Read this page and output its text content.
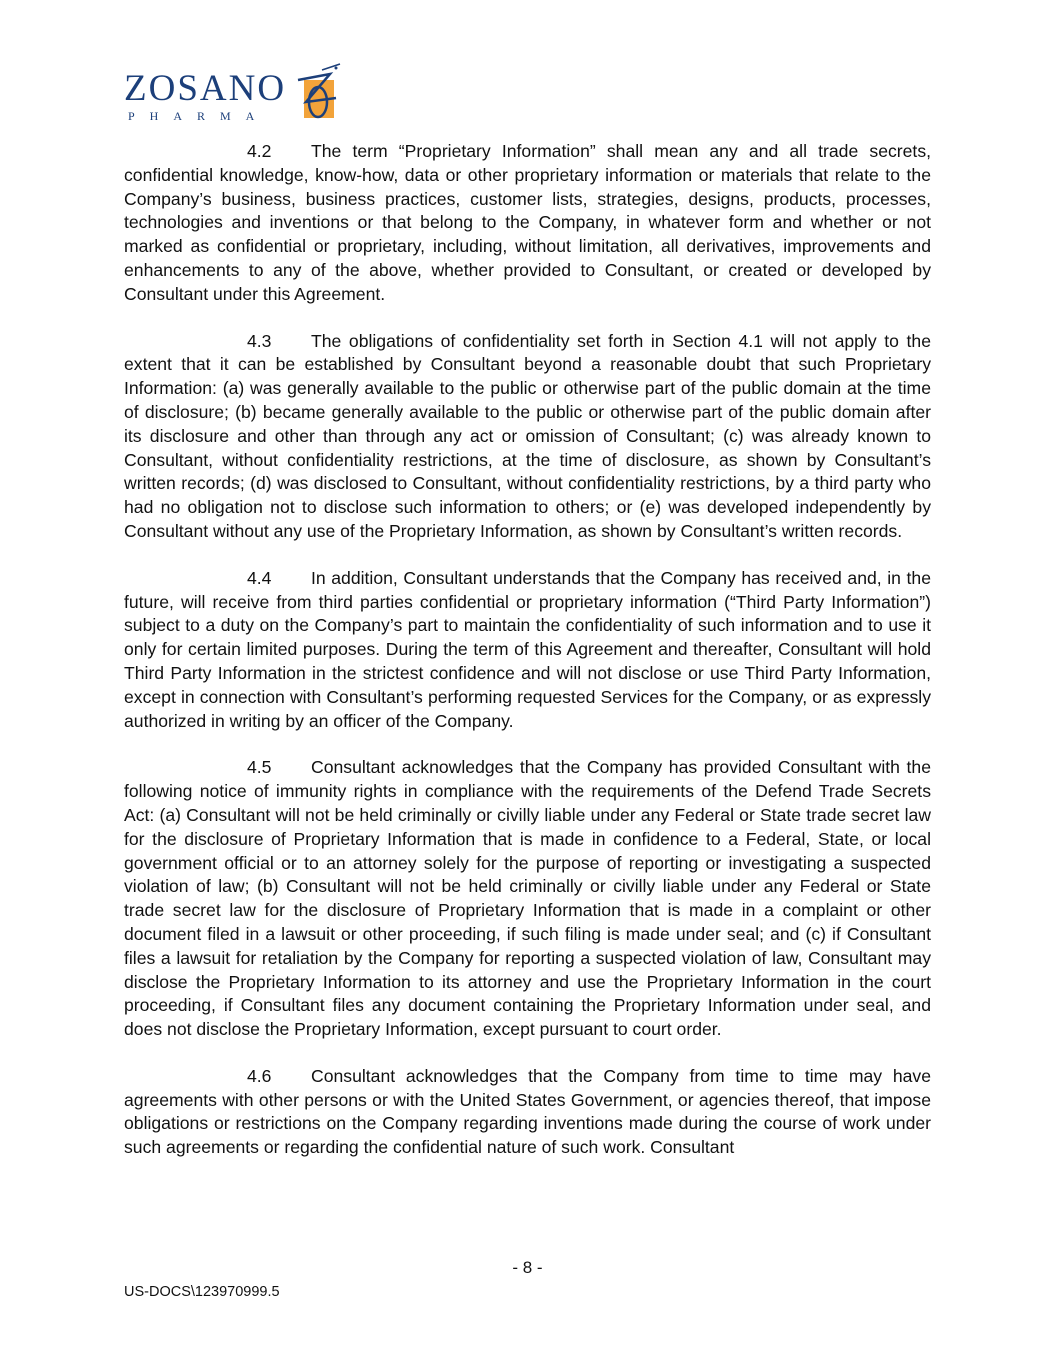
ZOSANO
PHARMA

4.2 The term “Proprietary Information” shall mean any and all trade secrets, confidential knowledge, know-how, data or other proprietary information or materials that relate to the Company’s business, business practices, customer lists, strategies, designs, products, processes, technologies and inventions or that belong to the Company, in whatever form and whether or not marked as confidential or proprietary, including, without limitation, all derivatives, improvements and enhancements to any of the above, whether provided to Consultant, or created or developed by Consultant under this Agreement.

4.3 The obligations of confidentiality set forth in Section 4.1 will not apply to the extent that it can be established by Consultant beyond a reasonable doubt that such Proprietary Information: (a) was generally available to the public or otherwise part of the public domain at the time of disclosure; (b) became generally available to the public or otherwise part of the public domain after its disclosure and other than through any act or omission of Consultant; (c) was already known to Consultant, without confidentiality restrictions, at the time of disclosure, as shown by Consultant’s written records; (d) was disclosed to Consultant, without confidentiality restrictions, by a third party who had no obligation not to disclose such information to others; or (e) was developed independently by Consultant without any use of the Proprietary Information, as shown by Consultant’s written records.

4.4 In addition, Consultant understands that the Company has received and, in the future, will receive from third parties confidential or proprietary information (“Third Party Information”) subject to a duty on the Company’s part to maintain the confidentiality of such information and to use it only for certain limited purposes. During the term of this Agreement and thereafter, Consultant will hold Third Party Information in the strictest confidence and will not disclose or use Third Party Information, except in connection with Consultant’s performing requested Services for the Company, or as expressly authorized in writing by an officer of the Company.

4.5 Consultant acknowledges that the Company has provided Consultant with the following notice of immunity rights in compliance with the requirements of the Defend Trade Secrets Act: (a) Consultant will not be held criminally or civilly liable under any Federal or State trade secret law for the disclosure of Proprietary Information that is made in confidence to a Federal, State, or local government official or to an attorney solely for the purpose of reporting or investigating a suspected violation of law; (b) Consultant will not be held criminally or civilly liable under any Federal or State trade secret law for the disclosure of Proprietary Information that is made in a complaint or other document filed in a lawsuit or other proceeding, if such filing is made under seal; and (c) if Consultant files a lawsuit for retaliation by the Company for reporting a suspected violation of law, Consultant may disclose the Proprietary Information to its attorney and use the Proprietary Information in the court proceeding, if Consultant files any document containing the Proprietary Information under seal, and does not disclose the Proprietary Information, except pursuant to court order.

4.6 Consultant acknowledges that the Company from time to time may have agreements with other persons or with the United States Government, or agencies thereof, that impose obligations or restrictions on the Company regarding inventions made during the course of work under such agreements or regarding the confidential nature of such work. Consultant

- 8 -
US-DOCS\123970999.5
